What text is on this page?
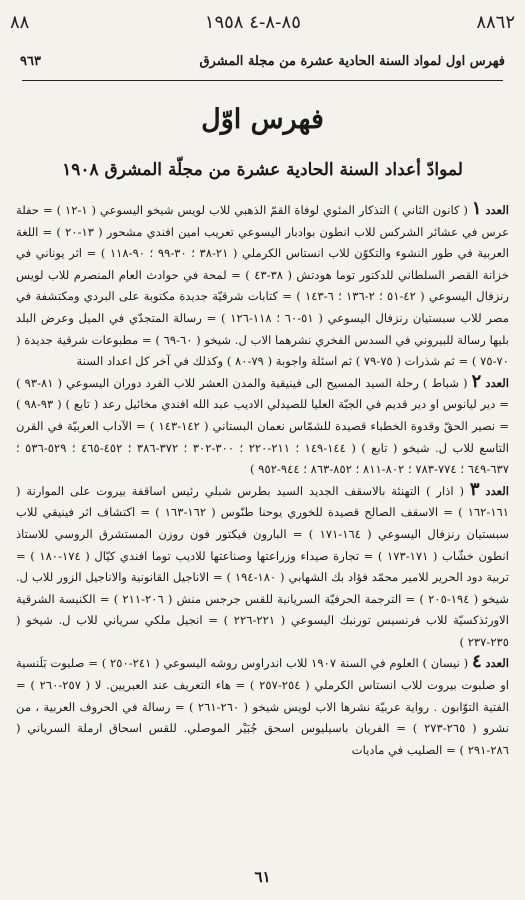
٨٨٦٢
٨٥-٨-٤ ١٩٥٨
٨٨
فهرس اول لمواد السنة الحادية عشرة من مجلة المشرق
٩٦٣
فهرس اوّل
لموادّ أعداد السنة الحادية عشرة من مجلّة المشرق ١٩٠٨

العدد ١ ( كانون الثاني ) التذكار المئوي لوفاة القمّ الذهبي للاب لويس شيخو اليسوعي ( ١-١٢ ) = حفلة عرس في عشائر الشركس للاب انطون بوادبار اليسوعي تعريب امين افندي مشحور ( ١٣-٢٠ ) = اللغة العربية في طور النشوء والتكوّن للاب انستاس الكرملي ( ٢١-٣٨ ؛ ٣٠-٩٩ ؛ ٩٠-١١٨ ) = اثر يوناني في خزانة القصر السلطاني للدكتور توما هودتش ( ٣٨-٤٣ ) = لمحة في حوادث العام المنصرم للاب لويس رنزفال اليسوعي ( ٤٢-٥١ ؛ ٢-١٣٦ ؛ ٦-١٤٣ ) = كتابات شرقيّة جديدة مكتوبة على البردي ومكتشفة في مصر للاب سبستيان رنزفال اليسوعي ( ٥١-٦٠ ؛ ١١٨-١٢٦ ) = رسالة المتجدّي في الميل وعرض البلد بليها رسالة للبيروني في السدس الفخري نشرهما الاب ل. شيخو ( ٦٠-٦٩ ) = مطبوعات شرقية جديدة ( ٧٠-٧٥ ) = ثم شذرات ( ٧٥-٧٩ ) ثم اسئلة واجوبة ( ٧٩-٨٠ ) وكذلك في آخر كل اعداد السنة

العدد ٢ ( شباط ) رحلة السيد المسيح الى فينيقية والمدن العشر للاب الفرد دوران اليسوعي ( ٨١-٩٣ ) = دير ليانوس او دير قديم في الجبّة العليا للصيدلي الاديب عبد الله افندي مخائيل رعد ( تابع ) ( ٩٣-٩٨ ) = نصير الحقّ وقدوة الخطباء قصيدة للشمّاس نعمان البستاني ( ١٤٢-١٤٣ ) = الآداب العربيّة في القرن التاسع للاب ل. شيخو ( تابع ) ( ١٤٤-١٤٩ ؛ ٢١١-٢٢٠ ؛ ٣٠٠-٣٠٢ ؛ ٣٧٢-٣٨٦ ؛ ٤٥٢-٤٦٥ ؛ ٥٢٩-٥٣٦ ؛ ٦٣٧-٦٤٩ ؛ ٧٧٤-٧٨٣ ؛ ٨٠٢-٨١١ ؛ ٨٥٢-٨٦٣ ؛ ٩٤٤-٩٥٢ )

العدد ٣ ( اذار ) التهنئة بالاسقف الجديد السيد بطرس شبلي رئيس اساقفة بيروت على الموارنة ( ١٦١-١٦٢ ) = الاسقف الصالح قصيدة للخوري يوحنا طنّوس ( ١٦٢-١٦٣ ) = اكتشاف اثر فينيقي للاب سبستيان رنزفال اليسوعي ( ١٦٤-١٧١ ) = البارون فيكتور فون روزن المستشرق الروسي للاستاذ انطون خشّاب ( ١٧١-١٧٣ ) = تجارة صيداء وزراعتها وصناعتها للاديب توما افندي كيّال ( ١٧٤-١٨٠ ) = تربية دود الحرير للامير محمّد فؤاد بك الشهابي ( ١٨٠-١٩٤ ) = الاناجيل القانونية والاناجيل الزور للاب ل. شيخو ( ١٩٤-٢٠٥ ) = الترجمة الحرفيّة السريانية للقس جرجس منش ( ٢٠٦-٢١١ ) = الكنيسة الشرقية الاورثذكسيّة للاب فرنسيس تورنبك اليسوعي ( ٢٢١-٢٢٦ ) = انجيل ملكي سرياني للاب ل. شيخو ( ٢٣٥-٢٣٧ )

العدد ٤ ( نيسان ) العلوم في السنة ١٩٠٧ للاب اندراوس روشه اليسوعي ( ٢٤١-٢٥٠ ) = صلبوت بَلَنسية او صلبوت بيروت للاب انستاس الكرملي ( ٢٥٤-٢٥٧ ) = هاء التعريف عند العبريين. لا ( ٢٥٧-٢٦٠ ) = الفتية التوّابون . رواية عربيّة نشرها الاب لويس شيخو ( ٢٦٠-٢٦١ ) = رسالة في الحروف العربية ، من نشرو ( ٢٦٥-٢٧٣ ) = الفريان باسيليوس اسحق جُبَيْر الموصلي. للقس اسحاق ارملة السرياني ( ٢٨٦-٢٩١ ) = الصليب في ماديات

٦١
